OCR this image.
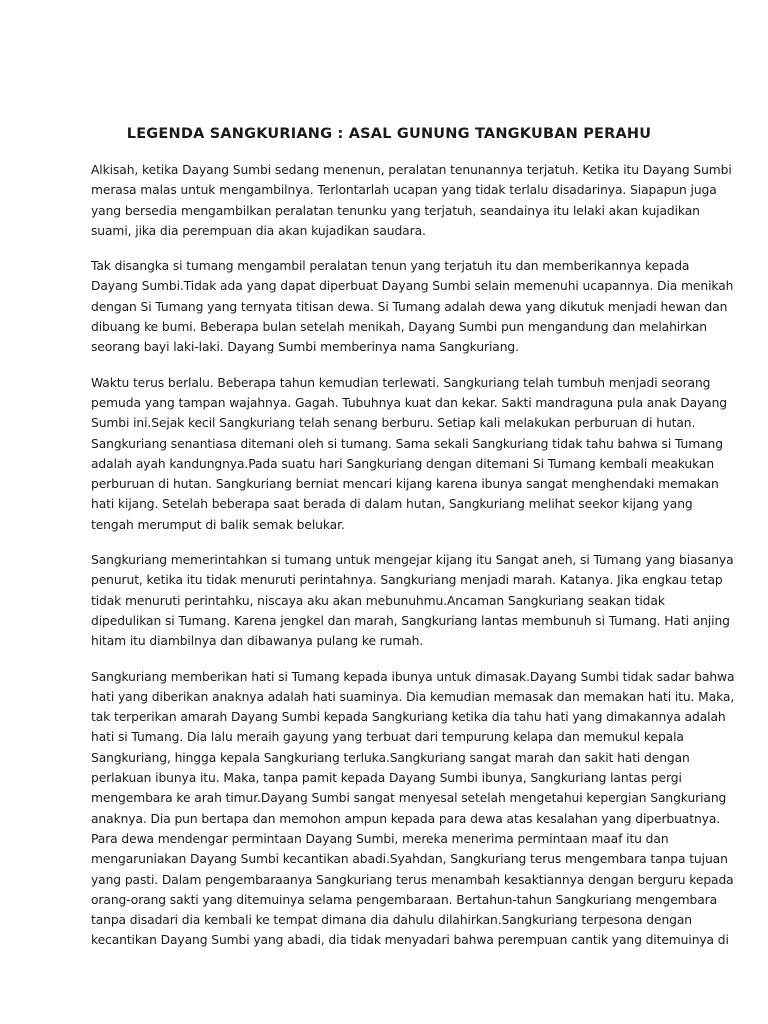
LEGENDA SANGKURIANG : ASAL GUNUNG TANGKUBAN PERAHU

Alkisah, ketika Dayang Sumbi sedang menenun, peralatan tenunannya terjatuh. Ketika itu Dayang Sumbi
merasa malas untuk mengambilnya. Terlontarlah ucapan yang tidak terlalu disadarinya. Siapapun juga
yang bersedia mengambilkan peralatan tenunku yang terjatuh, seandainya itu lelaki akan kujadikan
suami, jika dia perempuan dia akan kujadikan saudara.

Tak disangka si tumang mengambil peralatan tenun yang terjatuh itu dan memberikannya kepada
Dayang Sumbi.Tidak ada yang dapat diperbuat Dayang Sumbi selain memenuhi ucapannya. Dia menikah
dengan Si Tumang yang ternyata titisan dewa. Si Tumang adalah dewa yang dikutuk menjadi hewan dan
dibuang ke bumi. Beberapa bulan setelah menikah, Dayang Sumbi pun mengandung dan melahirkan
seorang bayi laki-laki. Dayang Sumbi memberinya nama Sangkuriang.

Waktu terus berlalu. Beberapa tahun kemudian terlewati. Sangkuriang telah tumbuh menjadi seorang
pemuda yang tampan wajahnya. Gagah. Tubuhnya kuat dan kekar. Sakti mandraguna pula anak Dayang
Sumbi ini.Sejak kecil Sangkuriang telah senang berburu. Setiap kali melakukan perburuan di hutan.
Sangkuriang senantiasa ditemani oleh si tumang. Sama sekali Sangkuriang tidak tahu bahwa si Tumang
adalah ayah kandungnya.Pada suatu hari Sangkuriang dengan ditemani Si Tumang kembali meakukan
perburuan di hutan. Sangkuriang berniat mencari kijang karena ibunya sangat menghendaki memakan
hati kijang. Setelah beberapa saat berada di dalam hutan, Sangkuriang melihat seekor kijang yang
tengah merumput di balik semak belukar.

Sangkuriang memerintahkan si tumang untuk mengejar kijang itu Sangat aneh, si Tumang yang biasanya
penurut, ketika itu tidak menuruti perintahnya. Sangkuriang menjadi marah. Katanya. Jika engkau tetap
tidak menuruti perintahku, niscaya aku akan mebunuhmu.Ancaman Sangkuriang seakan tidak
dipedulikan si Tumang. Karena jengkel dan marah, Sangkuriang lantas membunuh si Tumang. Hati anjing
hitam itu diambilnya dan dibawanya pulang ke rumah.

Sangkuriang memberikan hati si Tumang kepada ibunya untuk dimasak.Dayang Sumbi tidak sadar bahwa
hati yang diberikan anaknya adalah hati suaminya. Dia kemudian memasak dan memakan hati itu. Maka,
tak terperikan amarah Dayang Sumbi kepada Sangkuriang ketika dia tahu hati yang dimakannya adalah
hati si Tumang. Dia lalu meraih gayung yang terbuat dari tempurung kelapa dan memukul kepala
Sangkuriang, hingga kepala Sangkuriang terluka.Sangkuriang sangat marah dan sakit hati dengan
perlakuan ibunya itu. Maka, tanpa pamit kepada Dayang Sumbi ibunya, Sangkuriang lantas pergi
mengembara ke arah timur.Dayang Sumbi sangat menyesal setelah mengetahui kepergian Sangkuriang
anaknya. Dia pun bertapa dan memohon ampun kepada para dewa atas kesalahan yang diperbuatnya.
Para dewa mendengar permintaan Dayang Sumbi, mereka menerima permintaan maaf itu dan
mengaruniakan Dayang Sumbi kecantikan abadi.Syahdan, Sangkuriang terus mengembara tanpa tujuan
yang pasti. Dalam pengembaraanya Sangkuriang terus menambah kesaktiannya dengan berguru kepada
orang-orang sakti yang ditemuinya selama pengembaraan. Bertahun-tahun Sangkuriang mengembara
tanpa disadari dia kembali ke tempat dimana dia dahulu dilahirkan.Sangkuriang terpesona dengan
kecantikan Dayang Sumbi yang abadi, dia tidak menyadari bahwa perempuan cantik yang ditemuinya di
